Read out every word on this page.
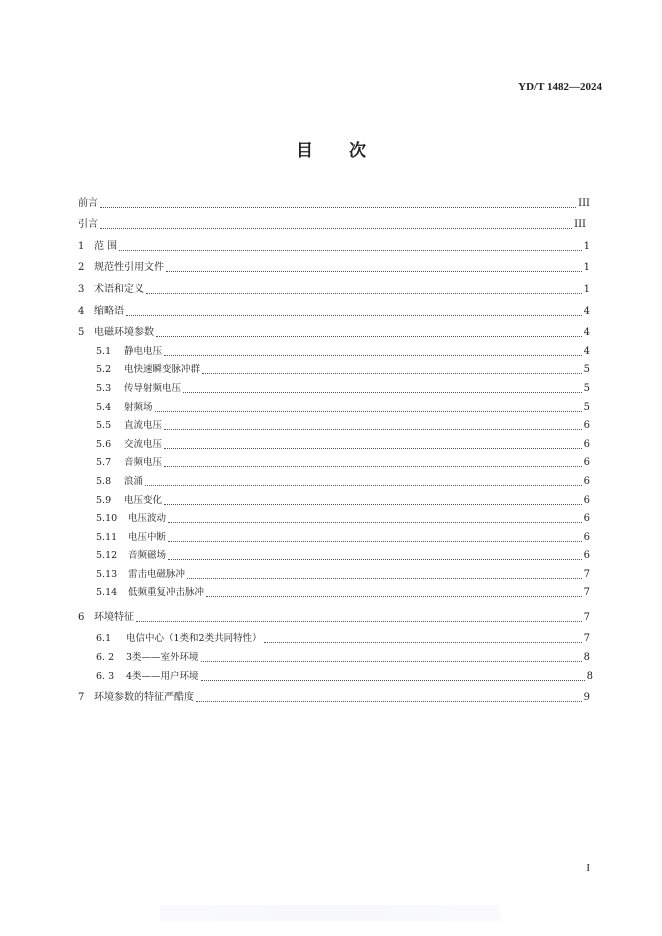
YD/T 1482—2024
目 次
前言	III
引言	III
1 范 围	1
2 规范性引用文件	1
3 术语和定义	1
4 缩略语	4
5 电磁环境参数	4
5.1	静电电压	4
5.2	电快速瞬变脉冲群	5
5.3	传导射频电压	5
5.4	射频场	5
5.5	直流电压	6
5.6	交流电压	6
5.7	音频电压	6
5.8	浪涌	6
5.9	电压变化	6
5.10	电压波动	6
5.11	电压中断	6
5.12	音频磁场	6
5.13	雷击电磁脉冲	7
5.14	低频重复冲击脉冲	7
6 环境特征	7
6.1	电信中心（1类和2类共同特性）	7
6. 2	3类——室外环境	8
6. 3	4类——用户环境	8
7 环境参数的特征严酷度	9
I
